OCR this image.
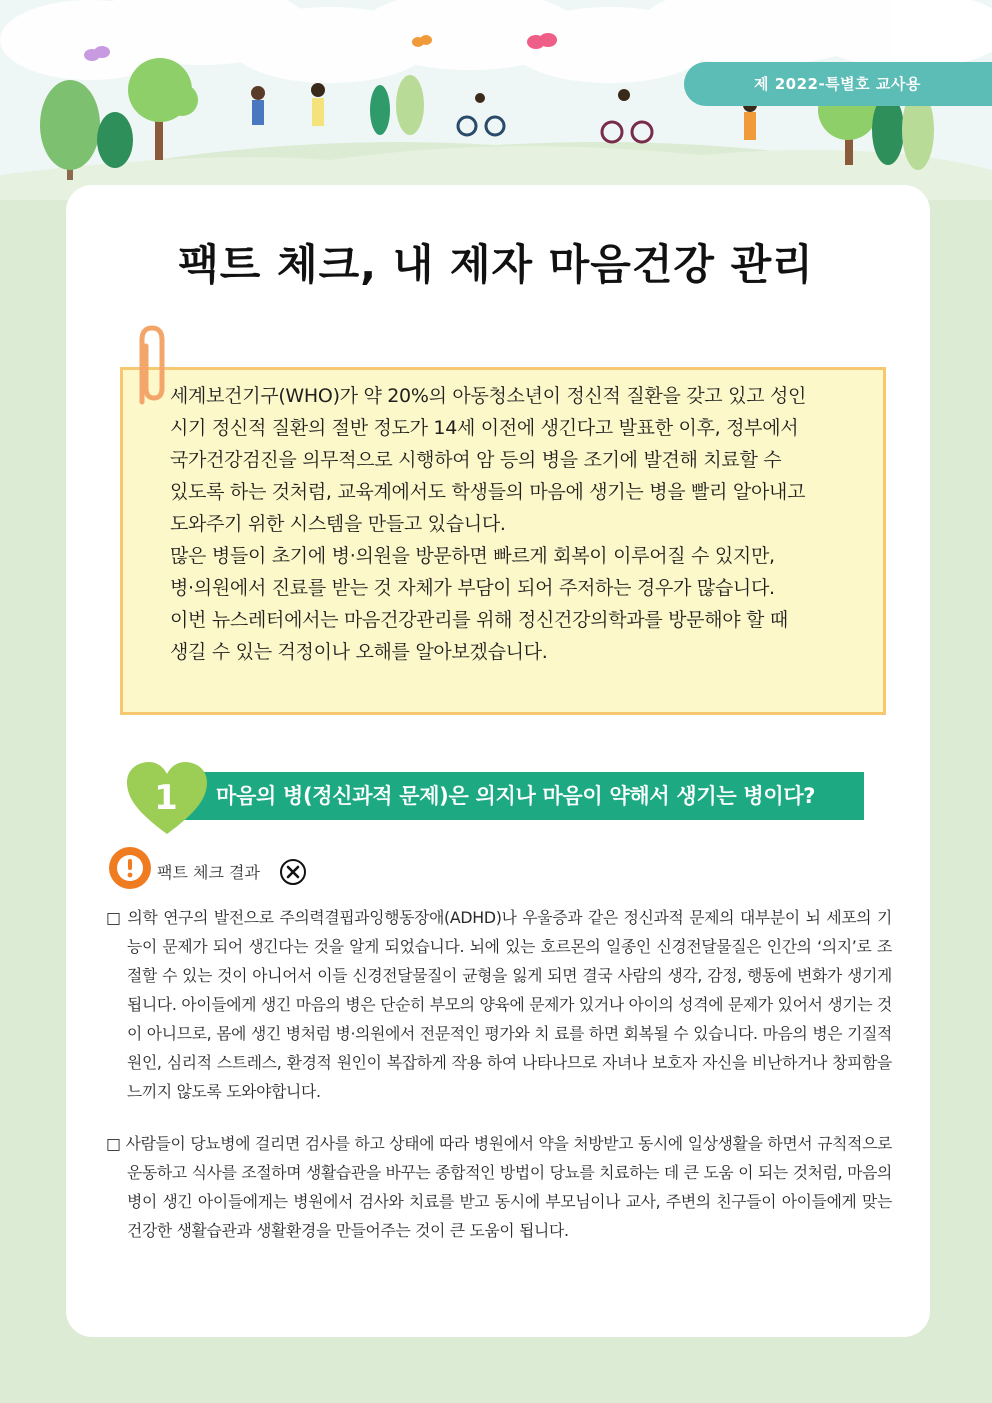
제 2022-특별호 교사용
팩트 체크, 내 제자 마음건강 관리
세계보건기구(WHO)가 약 20%의 아동청소년이 정신적 질환을 갖고 있고 성인
시기 정신적 질환의 절반 정도가 14세 이전에 생긴다고 발표한 이후, 정부에서
국가건강검진을 의무적으로 시행하여 암 등의 병을 조기에 발견해 치료할 수
있도록 하는 것처럼, 교육계에서도 학생들의 마음에 생기는 병을 빨리 알아내고
도와주기 위한 시스템을 만들고 있습니다.
많은 병들이 초기에 병·의원을 방문하면 빠르게 회복이 이루어질 수 있지만,
병·의원에서 진료를 받는 것 자체가 부담이 되어 주저하는 경우가 많습니다.
이번 뉴스레터에서는 마음건강관리를 위해 정신건강의학과를 방문해야 할 때
생길 수 있는 걱정이나 오해를 알아보겠습니다.
1	마음의 병(정신과적 문제)은 의지나 마음이 약해서 생기는 병이다?
팩트 체크 결과

□ 의학 연구의 발전으로 주의력결핍과잉행동장애(ADHD)나 우울증과 같은 정신과적 문제의 대부분이 뇌 세포의 기능이 문제가 되어 생긴다는 것을 알게 되었습니다. 뇌에 있는 호르몬의 일종인 신경전달물질은 인간의 ‘의지’로 조절할 수 있는 것이 아니어서 이들 신경전달물질이 균형을 잃게 되면 결국 사람의 생각, 감정, 행동에 변화가 생기게 됩니다. 아이들에게 생긴 마음의 병은 단순히 부모의 양육에 문제가 있거나 아이의 성격에 문제가 있어서 생기는 것이 아니므로, 몸에 생긴 병처럼 병·의원에서 전문적인 평가와 치 료를 하면 회복될 수 있습니다. 마음의 병은 기질적 원인, 심리적 스트레스, 환경적 원인이 복잡하게 작용 하여 나타나므로 자녀나 보호자 자신을 비난하거나 창피함을 느끼지 않도록 도와야합니다.

□ 사람들이 당뇨병에 걸리면 검사를 하고 상태에 따라 병원에서 약을 처방받고 동시에 일상생활을 하면서 규칙적으로 운동하고 식사를 조절하며 생활습관을 바꾸는 종합적인 방법이 당뇨를 치료하는 데 큰 도움 이 되는 것처럼, 마음의 병이 생긴 아이들에게는 병원에서 검사와 치료를 받고 동시에 부모님이나 교사, 주변의 친구들이 아이들에게 맞는 건강한 생활습관과 생활환경을 만들어주는 것이 큰 도움이 됩니다.
